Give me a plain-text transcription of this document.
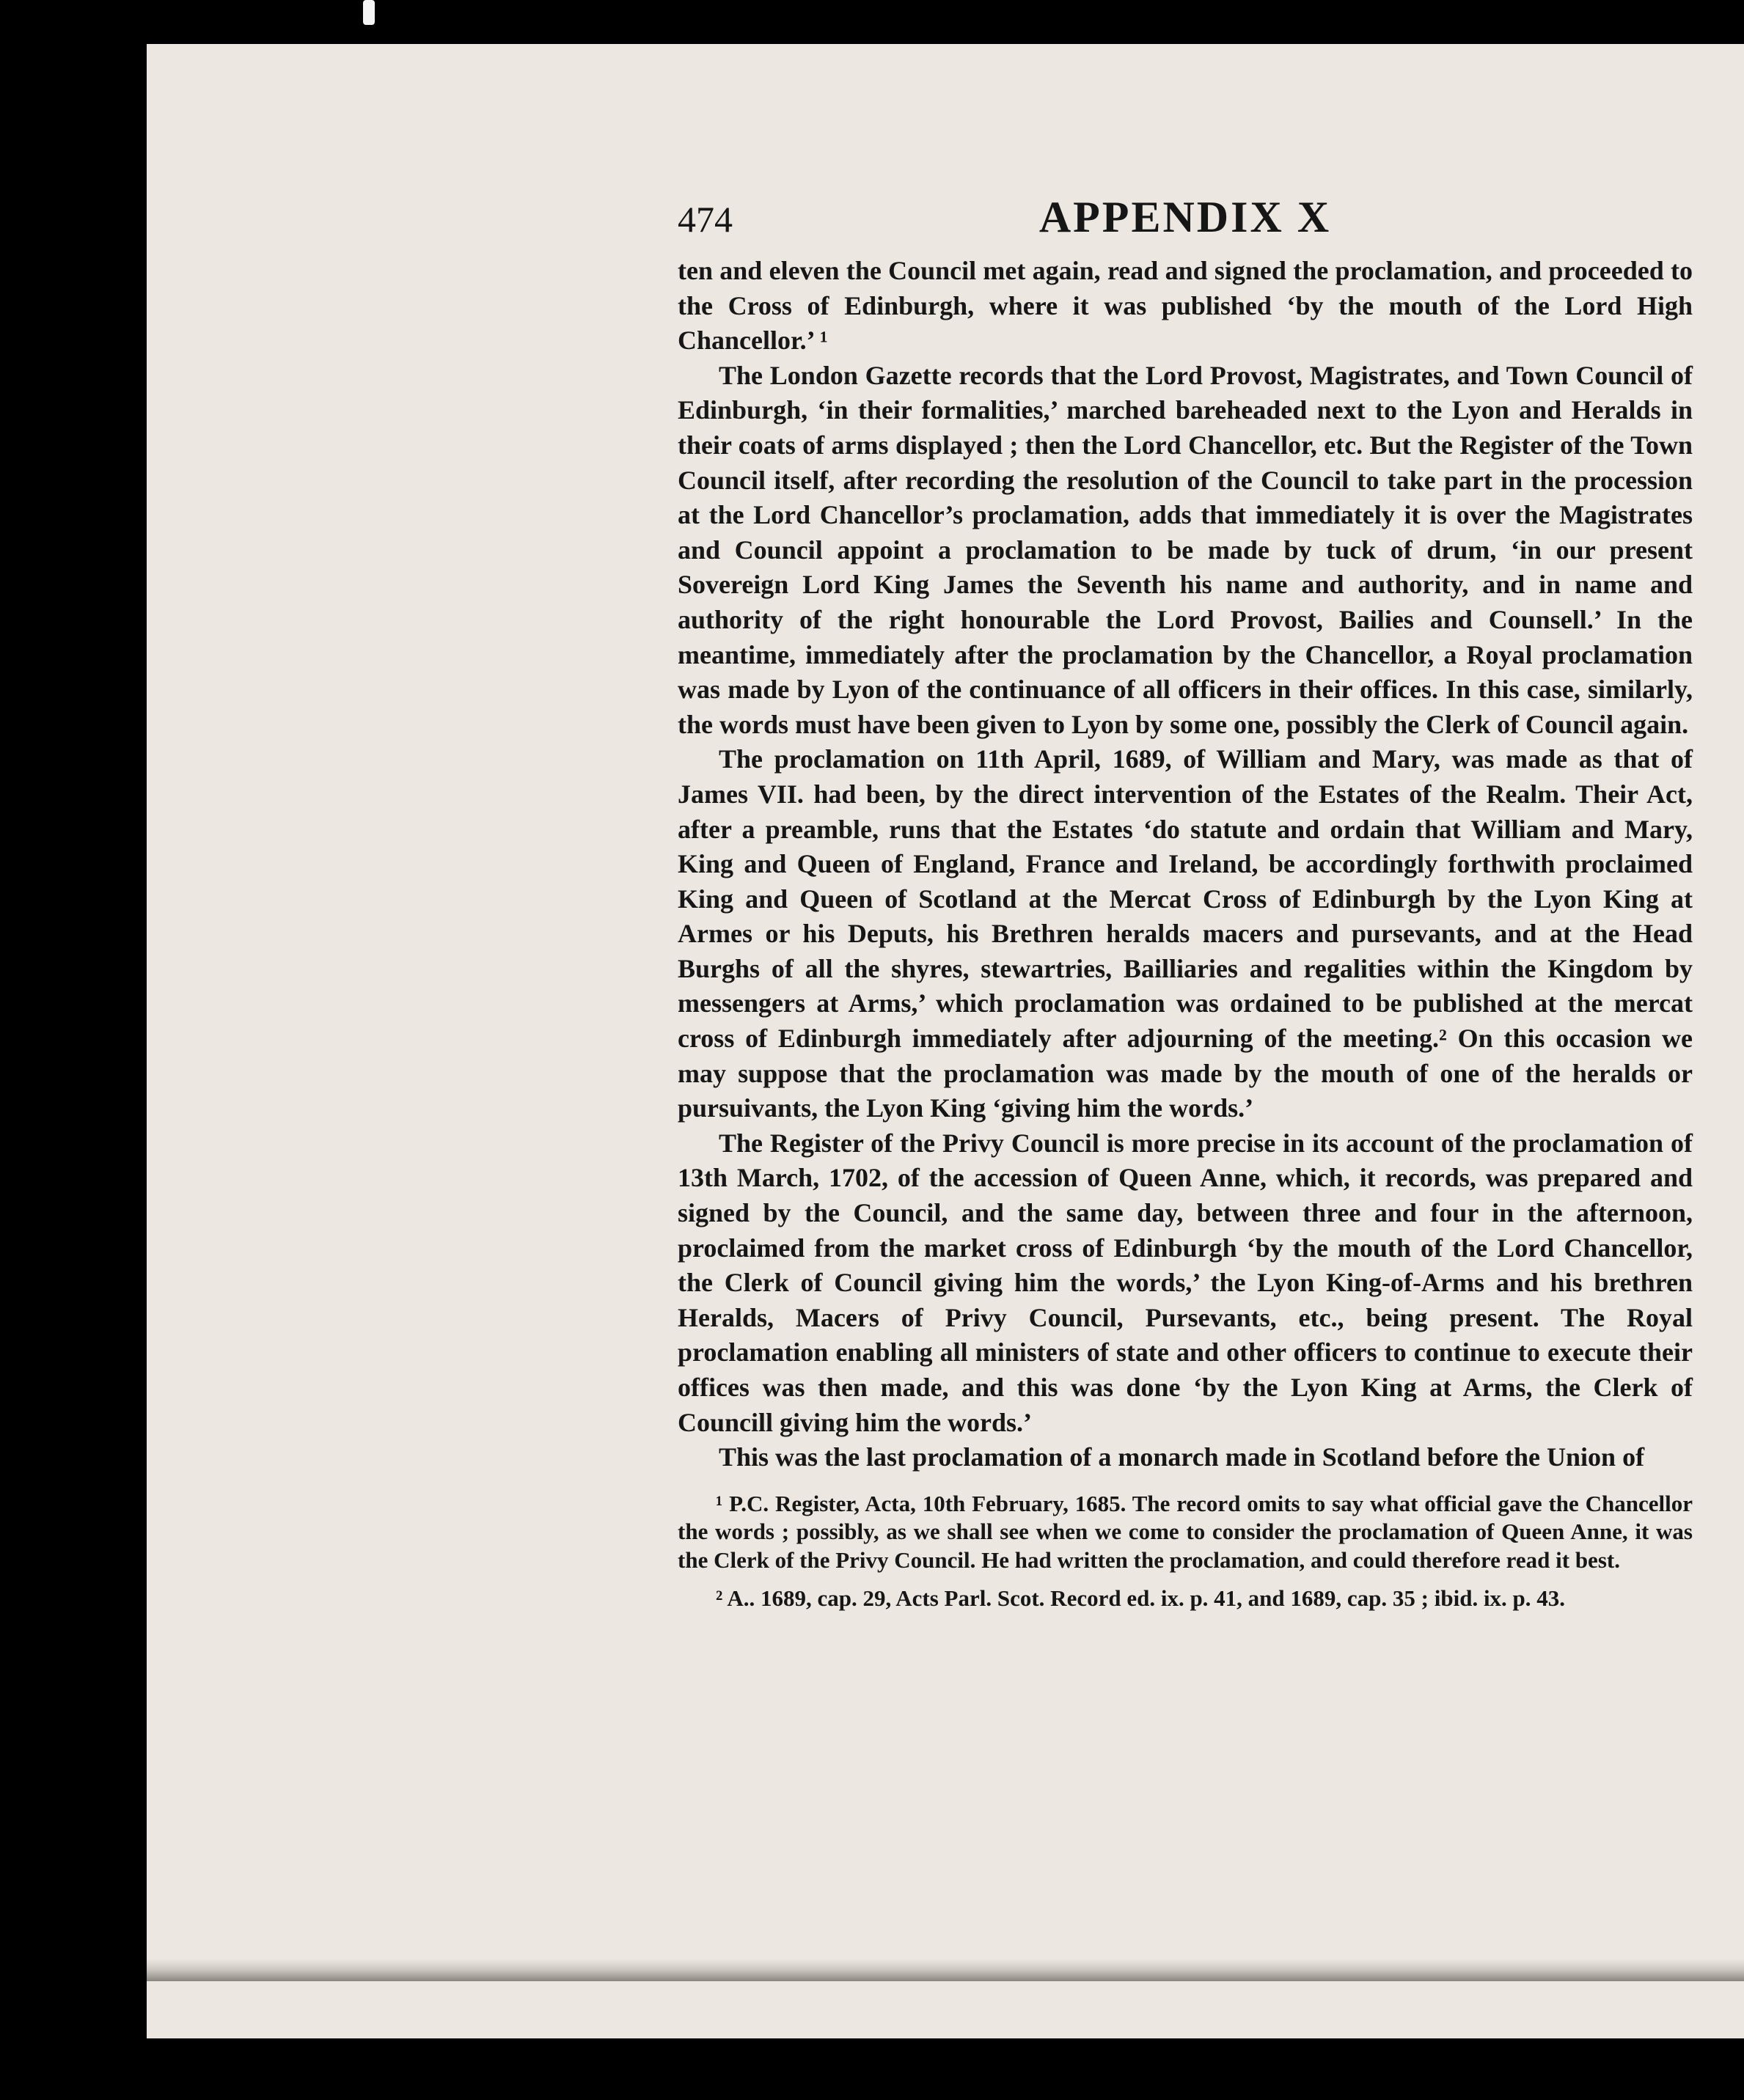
474	APPENDIX X

ten and eleven the Council met again, read and signed the proclamation, and proceeded to the Cross of Edinburgh, where it was published ‘by the mouth of the Lord High Chancellor.’ ¹

The London Gazette records that the Lord Provost, Magistrates, and Town Council of Edinburgh, ‘in their formalities,’ marched bareheaded next to the Lyon and Heralds in their coats of arms displayed ; then the Lord Chancellor, etc. But the Register of the Town Council itself, after recording the resolution of the Council to take part in the procession at the Lord Chancellor’s proclamation, adds that immediately it is over the Magistrates and Council appoint a proclamation to be made by tuck of drum, ‘in our present Sovereign Lord King James the Seventh his name and authority, and in name and authority of the right honourable the Lord Provost, Bailies and Counsell.’ In the meantime, immediately after the proclamation by the Chancellor, a Royal proclamation was made by Lyon of the continuance of all officers in their offices. In this case, similarly, the words must have been given to Lyon by some one, possibly the Clerk of Council again.

The proclamation on 11th April, 1689, of William and Mary, was made as that of James VII. had been, by the direct intervention of the Estates of the Realm. Their Act, after a preamble, runs that the Estates ‘do statute and ordain that William and Mary, King and Queen of England, France and Ireland, be accordingly forthwith proclaimed King and Queen of Scotland at the Mercat Cross of Edinburgh by the Lyon King at Armes or his Deputs, his Brethren heralds macers and pursevants, and at the Head Burghs of all the shyres, stewartries, Bailliaries and regalities within the Kingdom by messengers at Arms,’ which proclamation was ordained to be published at the mercat cross of Edinburgh immediately after adjourning of the meeting.² On this occasion we may suppose that the proclamation was made by the mouth of one of the heralds or pursuivants, the Lyon King ‘giving him the words.’

The Register of the Privy Council is more precise in its account of the proclamation of 13th March, 1702, of the accession of Queen Anne, which, it records, was prepared and signed by the Council, and the same day, between three and four in the afternoon, proclaimed from the market cross of Edinburgh ‘by the mouth of the Lord Chancellor, the Clerk of Council giving him the words,’ the Lyon King-of-Arms and his brethren Heralds, Macers of Privy Council, Pursevants, etc., being present. The Royal proclamation enabling all ministers of state and other officers to continue to execute their offices was then made, and this was done ‘by the Lyon King at Arms, the Clerk of Councill giving him the words.’

This was the last proclamation of a monarch made in Scotland before the Union of

¹ P.C. Register, Acta, 10th February, 1685. The record omits to say what official gave the Chancellor the words ; possibly, as we shall see when we come to consider the proclamation of Queen Anne, it was the Clerk of the Privy Council. He had written the proclamation, and could therefore read it best.

² A.. 1689, cap. 29, Acts Parl. Scot. Record ed. ix. p. 41, and 1689, cap. 35 ; ibid. ix. p. 43.
